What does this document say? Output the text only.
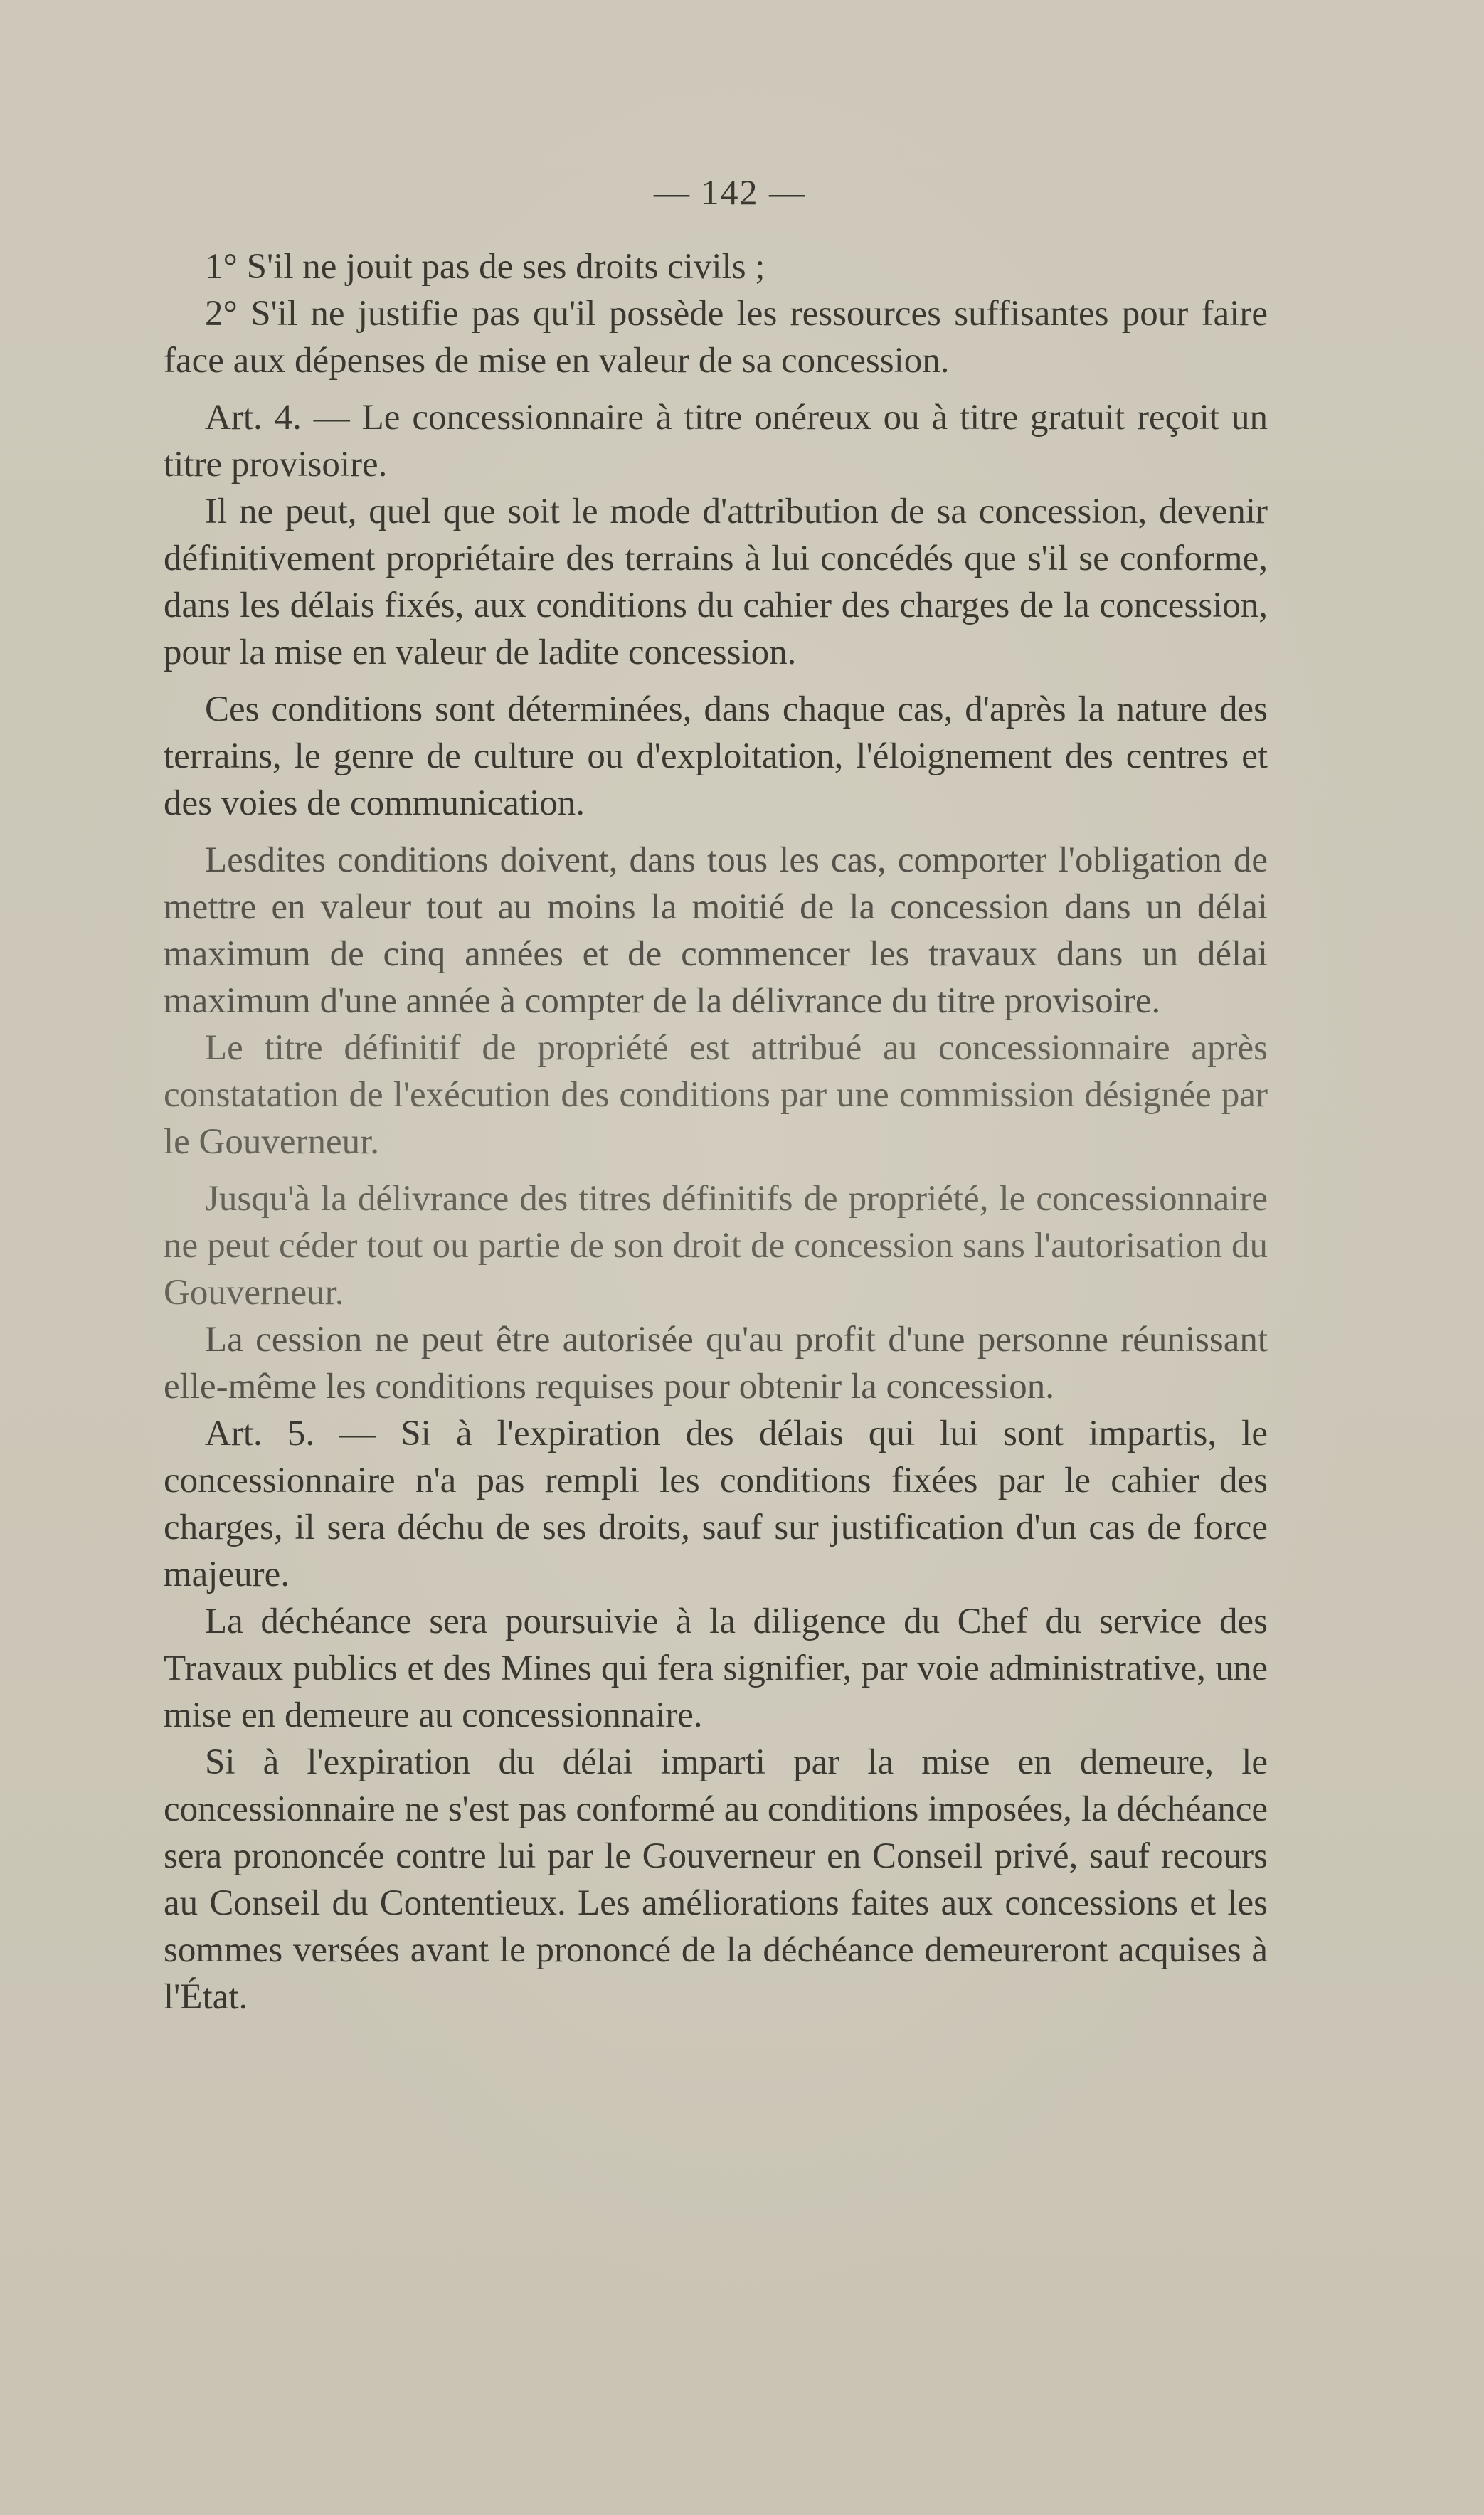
— 142 —

1° S'il ne jouit pas de ses droits civils ;

2° S'il ne justifie pas qu'il possède les ressources suffisantes pour faire face aux dépenses de mise en valeur de sa concession.

Art. 4. — Le concessionnaire à titre onéreux ou à titre gratuit reçoit un titre provisoire.

Il ne peut, quel que soit le mode d'attribution de sa concession, devenir définitivement propriétaire des terrains à lui concédés que s'il se conforme, dans les délais fixés, aux conditions du cahier des charges de la concession, pour la mise en valeur de ladite concession.

Ces conditions sont déterminées, dans chaque cas, d'après la nature des terrains, le genre de culture ou d'exploitation, l'éloignement des centres et des voies de communication.

Lesdites conditions doivent, dans tous les cas, comporter l'obligation de mettre en valeur tout au moins la moitié de la concession dans un délai maximum de cinq années et de commencer les travaux dans un délai maximum d'une année à compter de la délivrance du titre provisoire.

Le titre définitif de propriété est attribué au concessionnaire après constatation de l'exécution des conditions par une commission désignée par le Gouverneur.

Jusqu'à la délivrance des titres définitifs de propriété, le concessionnaire ne peut céder tout ou partie de son droit de concession sans l'autorisation du Gouverneur.

La cession ne peut être autorisée qu'au profit d'une personne réunissant elle-même les conditions requises pour obtenir la concession.

Art. 5. — Si à l'expiration des délais qui lui sont impartis, le concessionnaire n'a pas rempli les conditions fixées par le cahier des charges, il sera déchu de ses droits, sauf sur justification d'un cas de force majeure.

La déchéance sera poursuivie à la diligence du Chef du service des Travaux publics et des Mines qui fera signifier, par voie administrative, une mise en demeure au concessionnaire.

Si à l'expiration du délai imparti par la mise en demeure, le concessionnaire ne s'est pas conformé au conditions imposées, la déchéance sera prononcée contre lui par le Gouverneur en Conseil privé, sauf recours au Conseil du Contentieux. Les améliorations faites aux concessions et les sommes versées avant le prononcé de la déchéance demeureront acquises à l'État.
